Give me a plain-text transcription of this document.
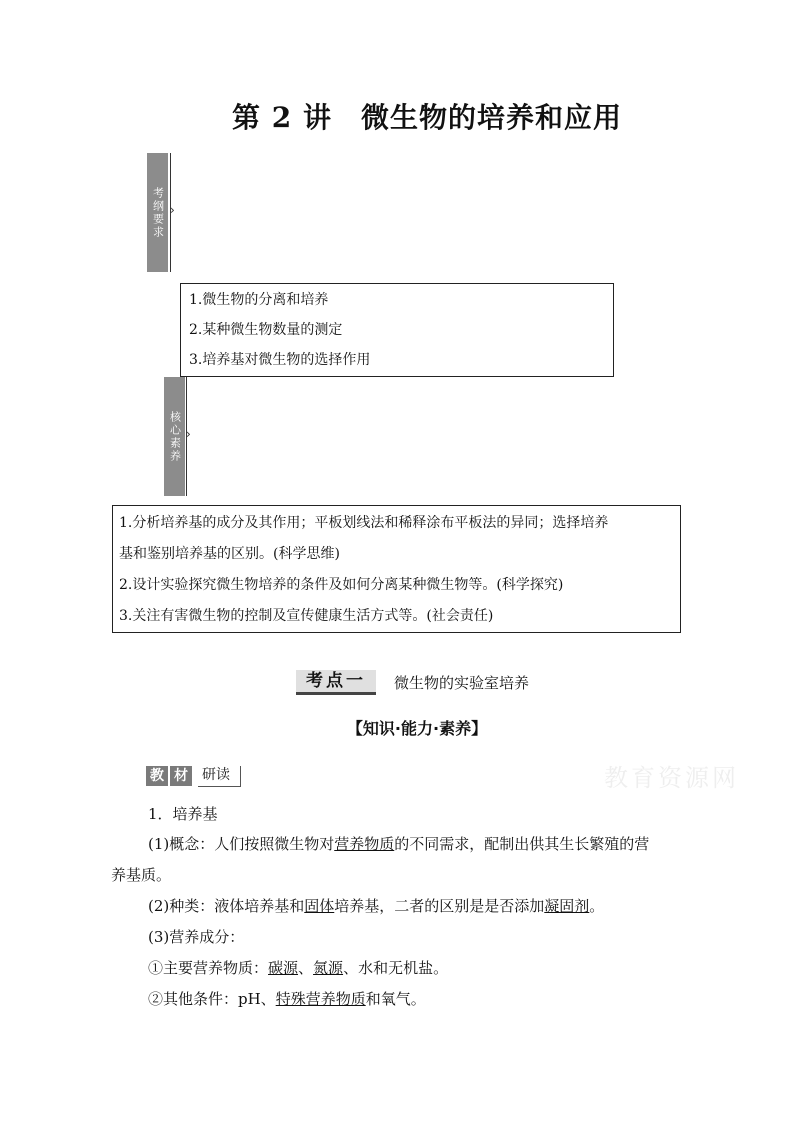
第 2 讲　微生物的培养和应用
考纲要求 ›
1.微生物的分离和培养
2.某种微生物数量的测定
3.培养基对微生物的选择作用
核心素养 ›
1.分析培养基的成分及其作用；平板划线法和稀释涂布平板法的异同；选择培养
基和鉴别培养基的区别。(科学思维)
2.设计实验探究微生物培养的条件及如何分离某种微生物等。(科学探究)
3.关注有害微生物的控制及宣传健康生活方式等。(社会责任)
考点一	微生物的实验室培养
【知识·能力·素养】
教 材 研读	教育资源网
1．培养基
(1)概念：人们按照微生物对营养物质的不同需求，配制出供其生长繁殖的营
养基质。
(2)种类：液体培养基和固体培养基，二者的区别是是否添加凝固剂。
(3)营养成分：
①主要营养物质：碳源、氮源、水和无机盐。
②其他条件：pH、特殊营养物质和氧气。
